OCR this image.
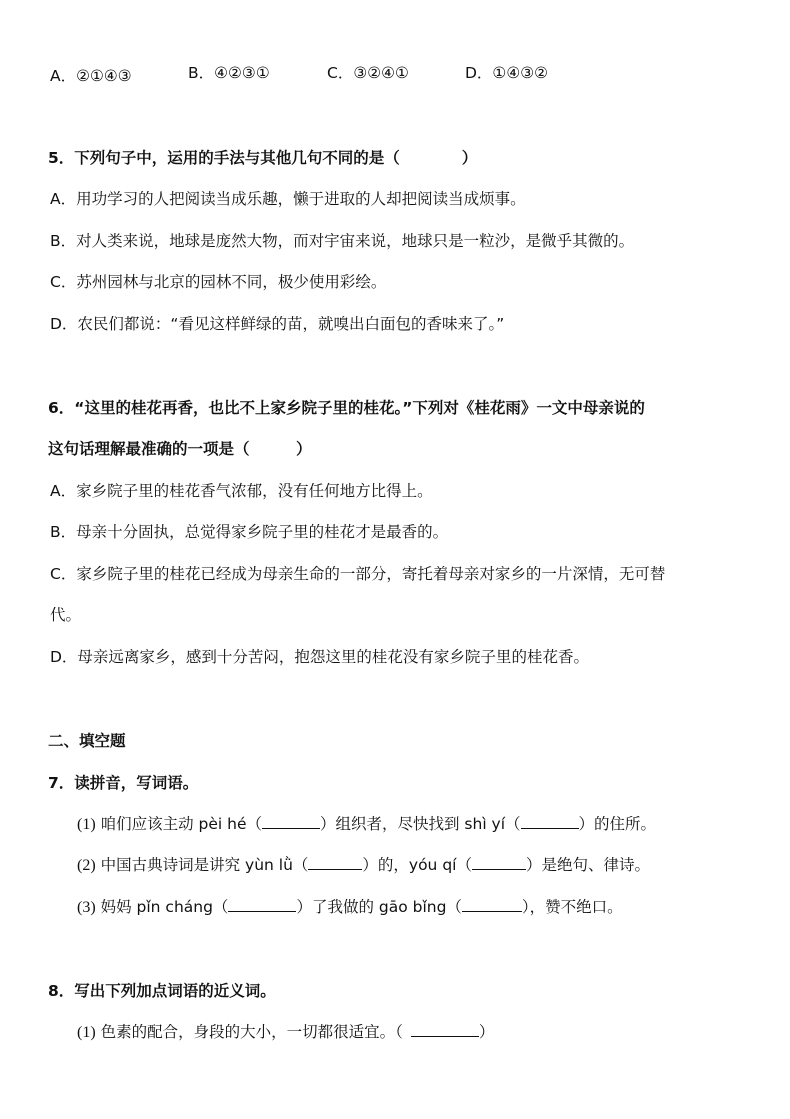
A．②①④③	B．④②③①	C．③②④①	D．①④③②
5．下列句子中，运用的手法与其他几句不同的是（　　　　）
A．用功学习的人把阅读当成乐趣，懒于进取的人却把阅读当成烦事。
B．对人类来说，地球是庞然大物，而对宇宙来说，地球只是一粒沙，是微乎其微的。
C．苏州园林与北京的园林不同，极少使用彩绘。
D．农民们都说：“看见这样鲜绿的苗，就嗅出白面包的香味来了。”
6．“这里的桂花再香，也比不上家乡院子里的桂花。”下列对《桂花雨》一文中母亲说的
这句话理解最准确的一项是（　　　）
A．家乡院子里的桂花香气浓郁，没有任何地方比得上。
B．母亲十分固执，总觉得家乡院子里的桂花才是最香的。
C．家乡院子里的桂花已经成为母亲生命的一部分，寄托着母亲对家乡的一片深情，无可替
代。
D．母亲远离家乡，感到十分苦闷，抱怨这里的桂花没有家乡院子里的桂花香。
二、填空题
7．读拼音，写词语。
(1) 咱们应该主动 pèi hé（	）组织者，尽快找到 shì yí（	）的住所。
(2) 中国古典诗词是讲究 yùn lǜ（	）的，yóu qí（	）是绝句、律诗。
(3) 妈妈 pǐn cháng（	）了我做的 gāo bǐng（	），赞不绝口。
8．写出下列加点词语的近义词。
(1) 色素的配合，身段的大小，一切都很适宜。（	）
